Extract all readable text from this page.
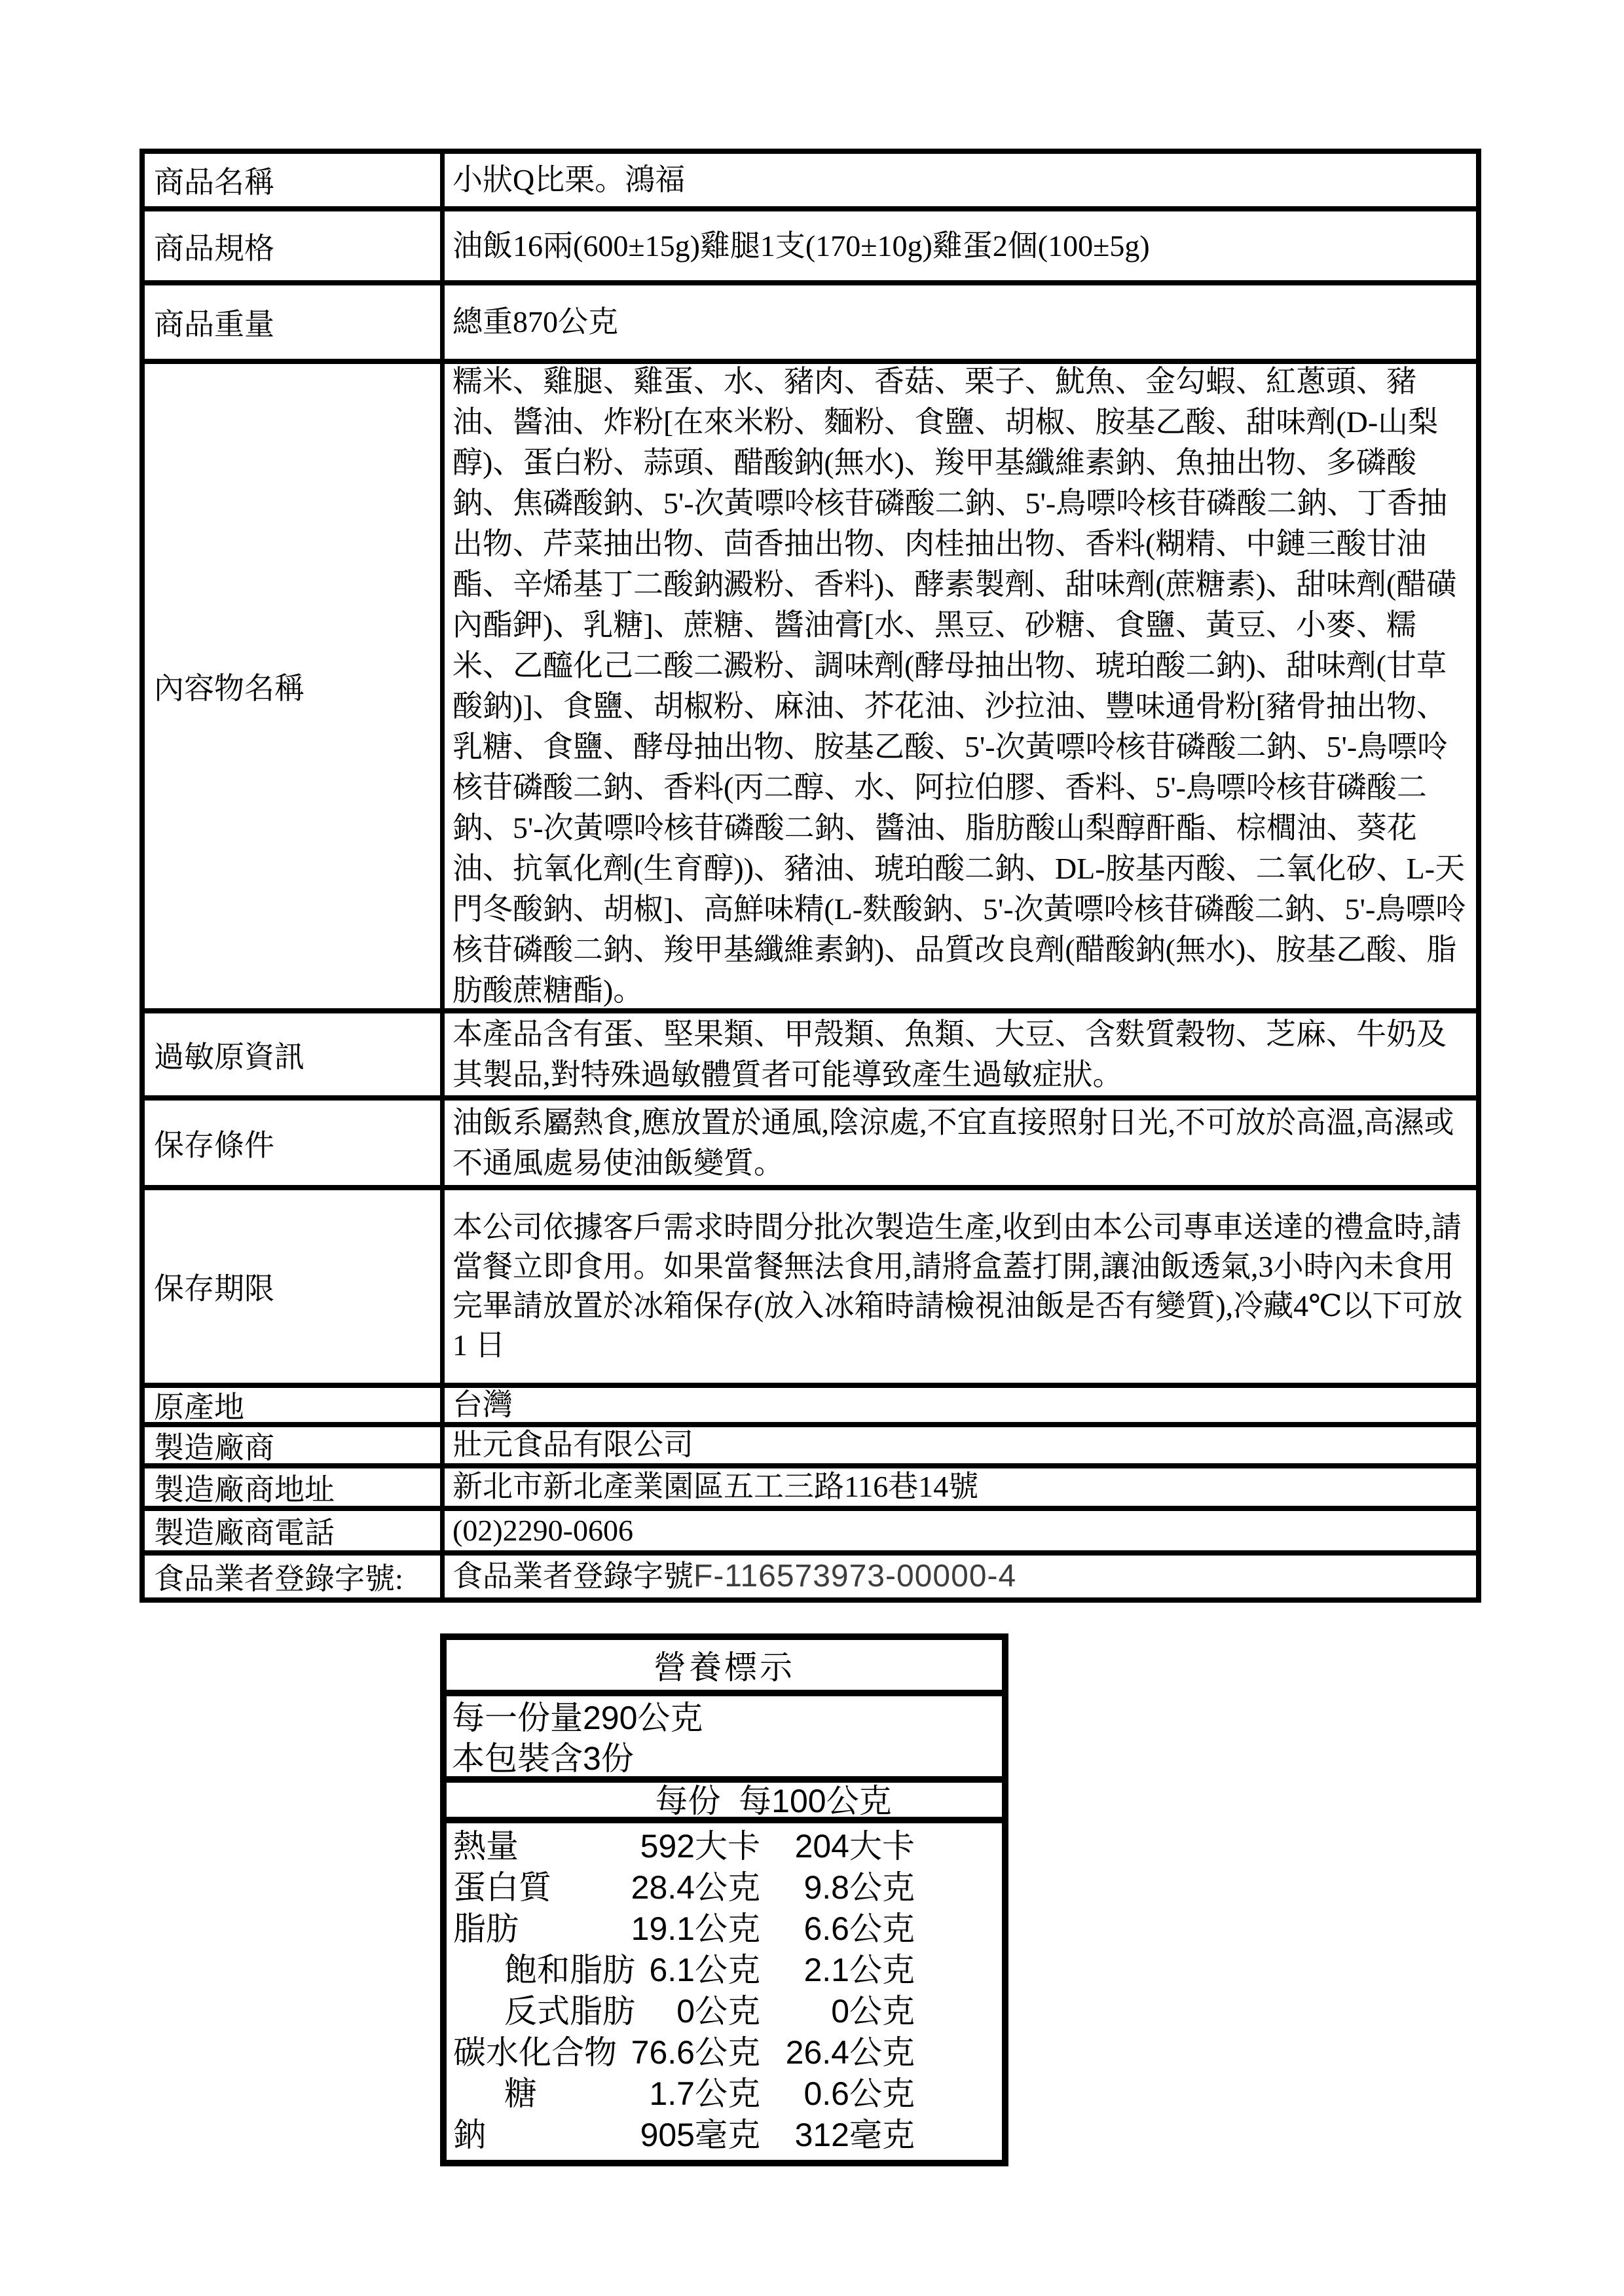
商品名稱	小狀Q比栗。鴻福
商品規格	油飯16兩(600±15g)雞腿1支(170±10g)雞蛋2個(100±5g)
商品重量	總重870公克
內容物名稱
糯米、雞腿、雞蛋、水、豬肉、香菇、栗子、魷魚、金勾蝦、紅蔥頭、豬油、醬油、炸粉[在來米粉、麵粉、食鹽、胡椒、胺基乙酸、甜味劑(D-山梨醇)、蛋白粉、蒜頭、醋酸鈉(無水)、羧甲基纖維素鈉、魚抽出物、多磷酸鈉、焦磷酸鈉、5'-次黃嘌呤核苷磷酸二鈉、5'-鳥嘌呤核苷磷酸二鈉、丁香抽出物、芹菜抽出物、茴香抽出物、肉桂抽出物、香料(糊精、中鏈三酸甘油酯、辛烯基丁二酸鈉澱粉、香料)、酵素製劑、甜味劑(蔗糖素)、甜味劑(醋磺內酯鉀)、乳糖]、蔗糖、醬油膏[水、黑豆、砂糖、食鹽、黃豆、小麥、糯米、乙醯化己二酸二澱粉、調味劑(酵母抽出物、琥珀酸二鈉)、甜味劑(甘草酸鈉)]、食鹽、胡椒粉、麻油、芥花油、沙拉油、豐味通骨粉[豬骨抽出物、乳糖、食鹽、酵母抽出物、胺基乙酸、5'-次黃嘌呤核苷磷酸二鈉、5'-鳥嘌呤核苷磷酸二鈉、香料(丙二醇、水、阿拉伯膠、香料、5'-鳥嘌呤核苷磷酸二鈉、5'-次黃嘌呤核苷磷酸二鈉、醬油、脂肪酸山梨醇酐酯、棕櫚油、葵花油、抗氧化劑(生育醇))、豬油、琥珀酸二鈉、DL-胺基丙酸、二氧化矽、L-天門冬酸鈉、胡椒]、高鮮味精(L-麩酸鈉、5'-次黃嘌呤核苷磷酸二鈉、5'-鳥嘌呤核苷磷酸二鈉、羧甲基纖維素鈉)、品質改良劑(醋酸鈉(無水)、胺基乙酸、脂肪酸蔗糖酯)。
過敏原資訊
本產品含有蛋、堅果類、甲殼類、魚類、大豆、含麩質穀物、芝麻、牛奶及其製品,對特殊過敏體質者可能導致產生過敏症狀。
保存條件
油飯系屬熱食,應放置於通風,陰涼處,不宜直接照射日光,不可放於高溫,高濕或不通風處易使油飯變質。
保存期限
本公司依據客戶需求時間分批次製造生產,收到由本公司專車送達的禮盒時,請當餐立即食用。如果當餐無法食用,請將盒蓋打開,讓油飯透氣,3小時內未食用完畢請放置於冰箱保存(放入冰箱時請檢視油飯是否有變質),冷藏4℃以下可放 1 日
原產地	台灣
製造廠商	壯元食品有限公司
製造廠商地址	新北市新北產業園區五工三路116巷14號
製造廠商電話	(02)2290-0606
食品業者登錄字號:	食品業者登錄字號 F-116573973-00000-4
營養標示
每一份量290公克
本包裝含3份
每份  每100公克
熱量	592大卡 204大卡
蛋白質 28.4公克 9.8公克
脂肪	19.1公克 6.6公克
飽和脂肪 6.1公克 2.1公克
反式脂肪 0公克 0公克
碳水化合物 76.6公克 26.4公克
糖	1.7公克 0.6公克
鈉	905毫克 312毫克
